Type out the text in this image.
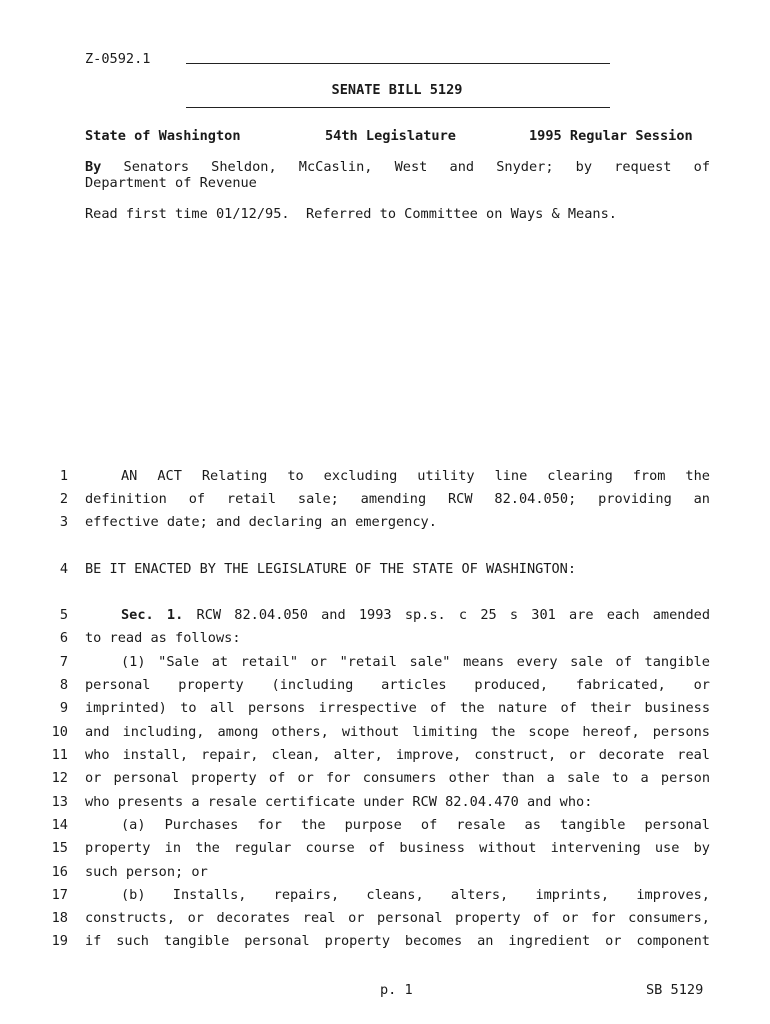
Z-0592.1
SENATE BILL 5129
State of Washington	54th Legislature	1995 Regular Session
By Senators Sheldon, McCaslin, West and Snyder; by request of
Department of Revenue
Read first time 01/12/95.  Referred to Committee on Ways & Means.
1	AN ACT Relating to excluding utility line clearing from the
2 definition of retail sale; amending RCW 82.04.050; providing an
3 effective date; and declaring an emergency.
4 BE IT ENACTED BY THE LEGISLATURE OF THE STATE OF WASHINGTON:
5	Sec. 1. RCW 82.04.050 and 1993 sp.s. c 25 s 301 are each amended
6 to read as follows:
7	(1) "Sale at retail" or "retail sale" means every sale of tangible
8 personal property (including articles produced, fabricated, or
9 imprinted) to all persons irrespective of the nature of their business
10 and including, among others, without limiting the scope hereof, persons
11 who install, repair, clean, alter, improve, construct, or decorate real
12 or personal property of or for consumers other than a sale to a person
13 who presents a resale certificate under RCW 82.04.470 and who:
14	(a) Purchases for the purpose of resale as tangible personal
15 property in the regular course of business without intervening use by
16 such person; or
17	(b) Installs, repairs, cleans, alters, imprints, improves,
18 constructs, or decorates real or personal property of or for consumers,
19 if such tangible personal property becomes an ingredient or component
p. 1	SB 5129
